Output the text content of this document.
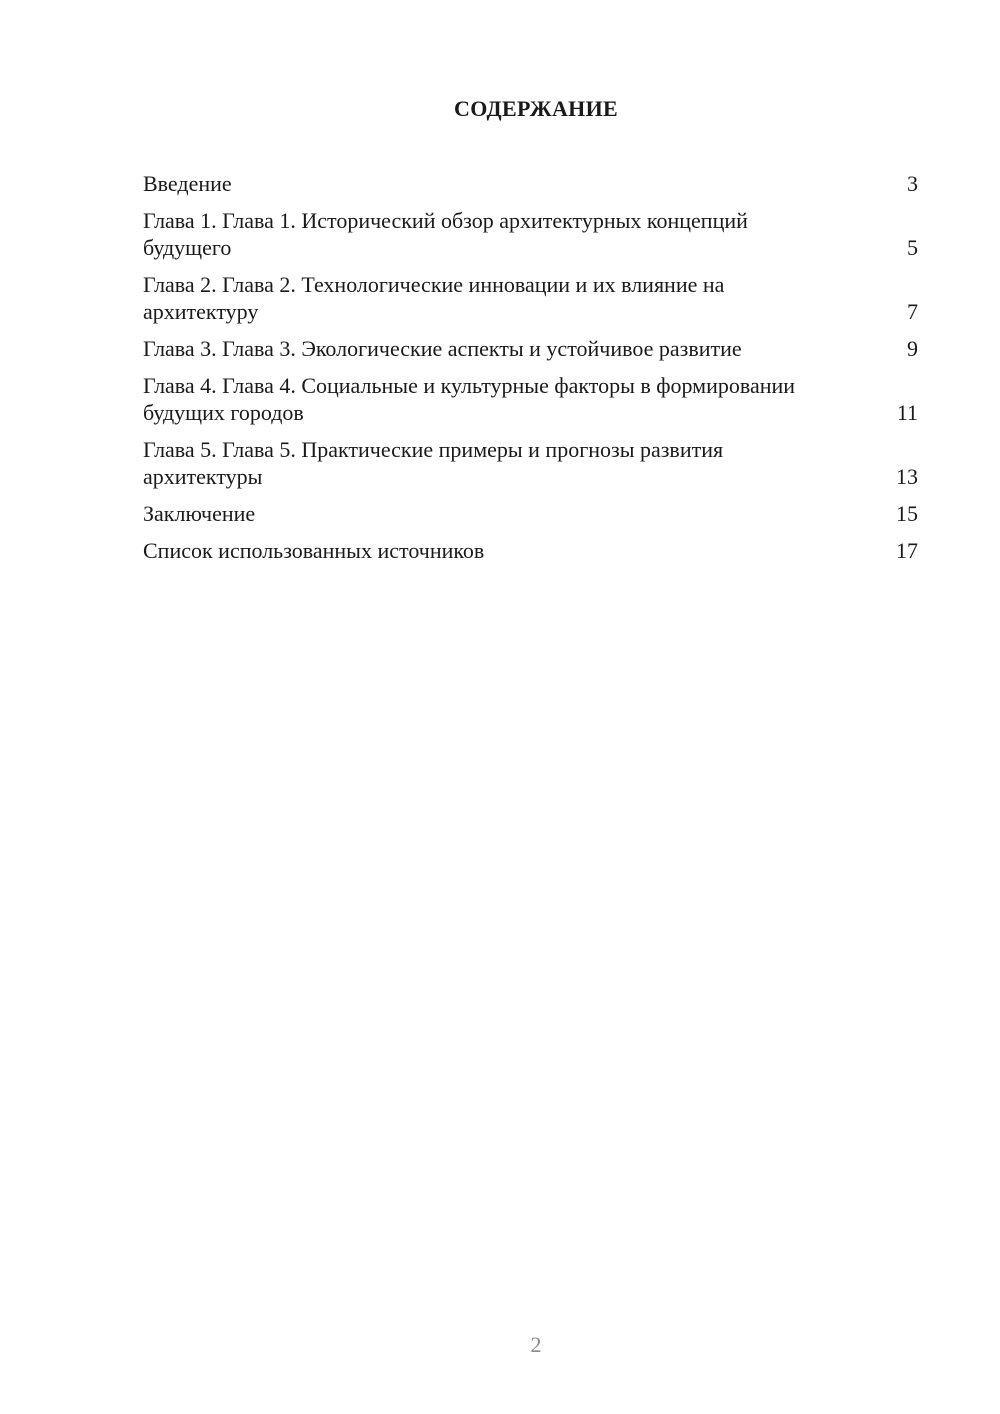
СОДЕРЖАНИЕ
Введение	3
Глава 1. Глава 1. Исторический обзор архитектурных концепций будущего	5
Глава 2. Глава 2. Технологические инновации и их влияние на архитектуру	7
Глава 3. Глава 3. Экологические аспекты и устойчивое развитие	9
Глава 4. Глава 4. Социальные и культурные факторы в формировании будущих городов	11
Глава 5. Глава 5. Практические примеры и прогнозы развития архитектуры	13
Заключение	15
Список использованных источников	17
2
